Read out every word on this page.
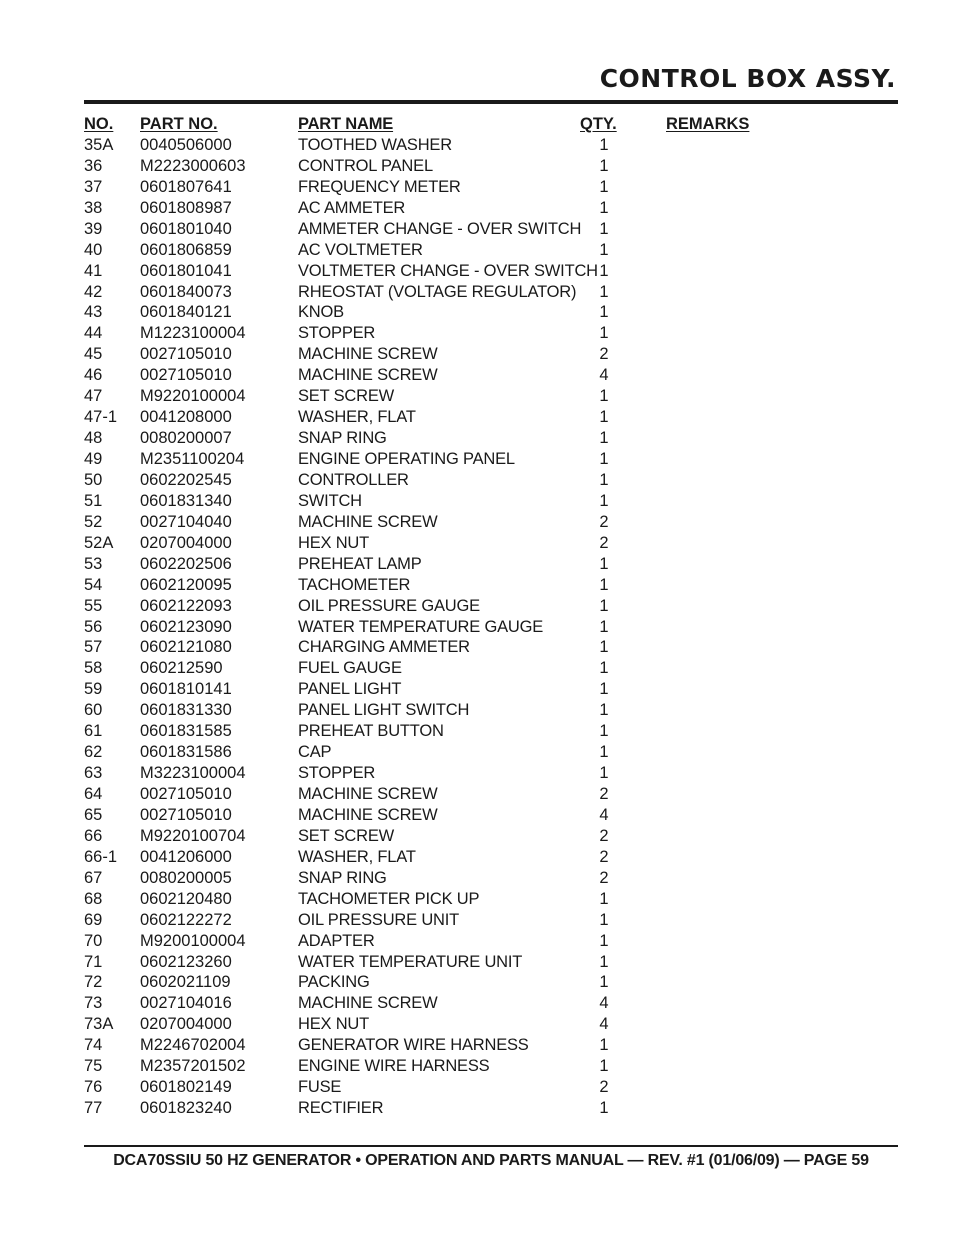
CONTROL BOX ASSY.
NO. PART NO.	PART NAME	QTY.	REMARKS
35A 0040506000	TOOTHED WASHER	1
36 M2223000603	CONTROL PANEL	1
37 0601807641	FREQUENCY METER	1
38 0601808987	AC AMMETER	1
39 0601801040	AMMETER CHANGE - OVER SWITCH	1
40 0601806859	AC VOLTMETER	1
41 0601801041	VOLTMETER CHANGE - OVER SWITCH 1
42 0601840073	RHEOSTAT (VOLTAGE REGULATOR)	1
43 0601840121	KNOB	1
44 M1223100004	STOPPER	1
45 0027105010	MACHINE SCREW	2
46 0027105010	MACHINE SCREW	4
47 M9220100004	SET SCREW	1
47-1 0041208000	WASHER, FLAT	1
48 0080200007	SNAP RING	1
49 M2351100204	ENGINE OPERATING PANEL	1
50 0602202545	CONTROLLER	1
51 0601831340	SWITCH	1
52 0027104040	MACHINE SCREW	2
52A 0207004000	HEX NUT	2
53 0602202506	PREHEAT LAMP	1
54 0602120095	TACHOMETER	1
55 0602122093	OIL PRESSURE GAUGE	1
56 0602123090	WATER TEMPERATURE GAUGE	1
57 0602121080	CHARGING AMMETER	1
58 060212590	FUEL GAUGE	1
59 0601810141	PANEL LIGHT	1
60 0601831330	PANEL LIGHT SWITCH	1
61 0601831585	PREHEAT BUTTON	1
62 0601831586	CAP	1
63 M3223100004	STOPPER	1
64 0027105010	MACHINE SCREW	2
65 0027105010	MACHINE SCREW	4
66 M9220100704	SET SCREW	2
66-1 0041206000	WASHER, FLAT	2
67 0080200005	SNAP RING	2
68 0602120480	TACHOMETER PICK UP	1
69 0602122272	OIL PRESSURE UNIT	1
70 M9200100004	ADAPTER	1
71 0602123260	WATER TEMPERATURE UNIT	1
72 0602021109	PACKING	1
73 0027104016	MACHINE SCREW	4
73A 0207004000	HEX NUT	4
74 M2246702004	GENERATOR WIRE HARNESS	1
75 M2357201502	ENGINE WIRE HARNESS	1
76 0601802149	FUSE	2
77 0601823240	RECTIFIER	1
DCA70SSIU 50 HZ GENERATOR • OPERATION AND PARTS MANUAL — REV. #1 (01/06/09) — PAGE 59
